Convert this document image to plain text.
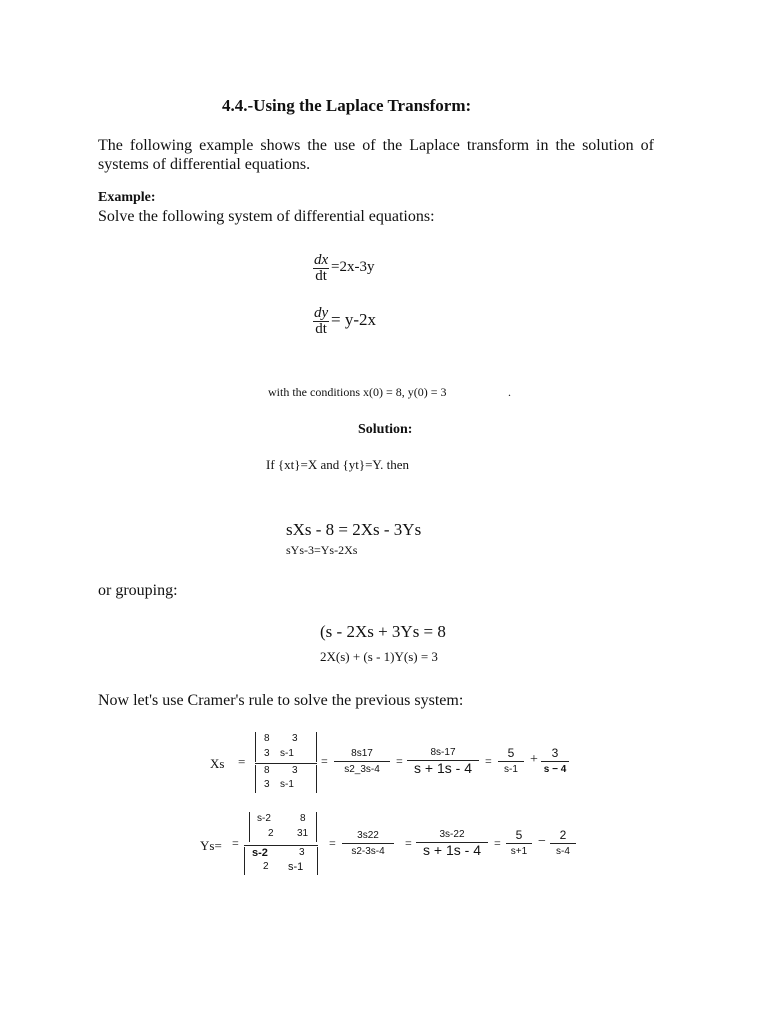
4.4.-Using the Laplace Transform:
The following example shows the use of the Laplace transform in the solution of systems of differential equations.
Example:
Solve the following system of differential equations:
dx
dt
=2x-3y
dy
dt = y-2x
with the conditions x(0) = 8, y(0) = 3	.
Solution:
If {xt}=X and {yt}=Y. then
sXs - 8 = 2Xs - 3Ys
sYs-3=Ys-2Xs
or grouping:
(s - 2Xs + 3Ys = 8
2X(s) + (s - 1)Y(s) = 3
Now let's use Cramer's rule to solve the previous system:
Xs =
8 3
3 s-1
8 3
3 s-1
=
8s17
s2_3s-4
=
8s-17
s + 1s - 4 =
5
s-1
+ 3
s − 4
Ys= =
s-2	8
2 31
s-2	3
2 s-1
=
3s22
s2-3s-4
=
3s-22
s + 1s - 4 =
5
s+1
− 2
s-4
